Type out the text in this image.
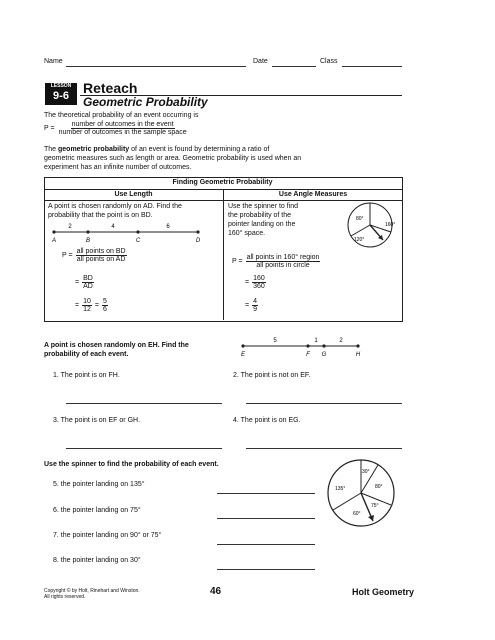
Name	Date	Class
LESSON
9-6	Reteach
Geometric Probability
The theoretical probability of an event occurring is
$P = \frac{\text{number of outcomes in the event}}{\text{number of outcomes in the sample space}}$
The geometric probability of an event is found by determining a ratio of
geometric measures such as length or area. Geometric probability is used when an
experiment has an infinite number of outcomes.
Finding Geometric Probability
Use Length	Use Angle Measures
A point is chosen randomly on AD. Find the
probability that the point is on BD.
2	4	6
A	B	C	D
$P = \frac{\text{all points on BD}}{\text{all points on AD}}$
= $\frac{BD}{AD}$
= $\frac{10}{12} = \frac{5}{6}$
Use the spinner to find
the probability of the
pointer landing on the
160° space.
80°
160°
120°
$P = \frac{\text{all points in 160° region}}{\text{all points in circle}}$
= $\frac{160}{360}$
= $\frac{4}{9}$
A point is chosen randomly on EH. Find the
probability of each event.
5	1	2
E	F G	H
1. The point is on FH.	2. The point is not on EF.
3. The point is on EF or GH.	4. The point is on EG.
Use the spinner to find the probability of each event.
5. the pointer landing on 135°
6. the pointer landing on 75°
7. the pointer landing on 90° or 75°
8. the pointer landing on 30°
30°
135°	80°
60°
75°
Copyright © by Holt, Rinehart and Winston.
All rights reserved.	46	Holt Geometry
